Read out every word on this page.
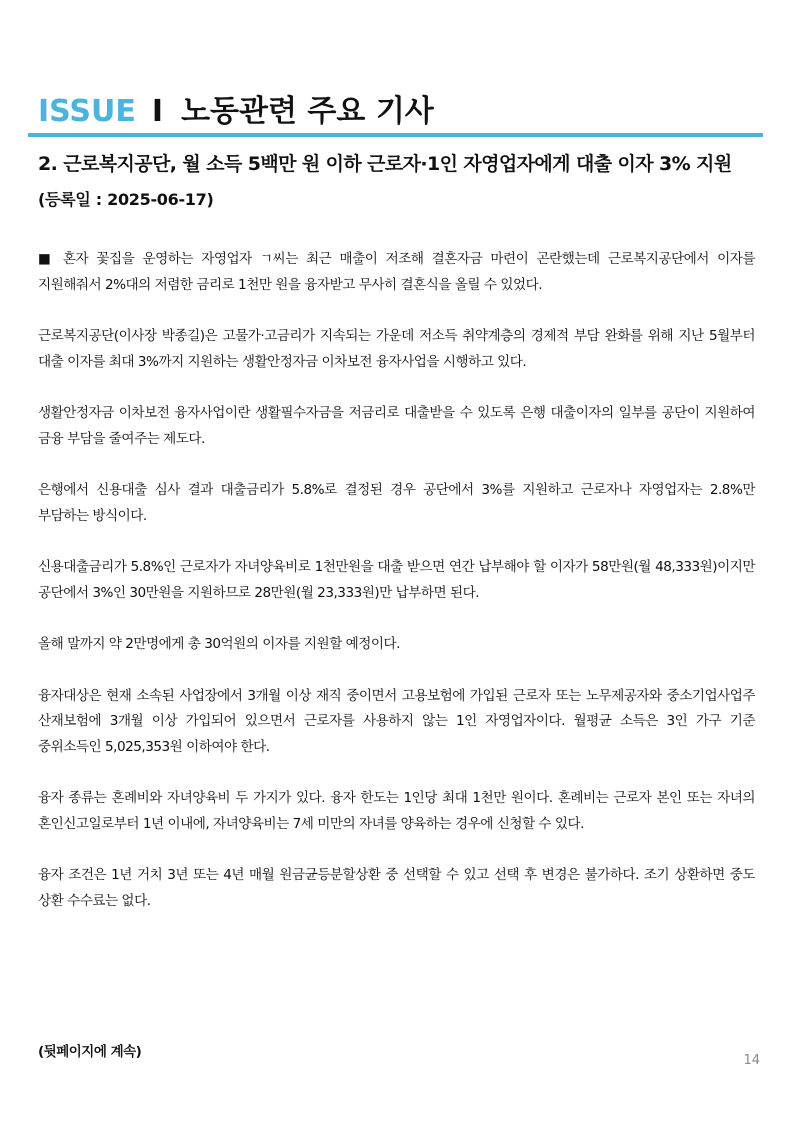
ISSUE I 노동관련 주요 기사
2. 근로복지공단, 월 소득 5백만 원 이하 근로자·1인 자영업자에게 대출 이자 3% 지원(등록일 : 2025-06-17)

■ 혼자 꽃집을 운영하는 자영업자 ㄱ씨는 최근 매출이 저조해 결혼자금 마련이 곤란했는데 근로복지공단에서 이자를 지원해줘서 2%대의 저렴한 금리로 1천만 원을 융자받고 무사히 결혼식을 올릴 수 있었다.

근로복지공단(이사장 박종길)은 고물가·고금리가 지속되는 가운데 저소득 취약계층의 경제적 부담 완화를 위해 지난 5월부터 대출 이자를 최대 3%까지 지원하는 생활안정자금 이차보전 융자사업을 시행하고 있다.

생활안정자금 이차보전 융자사업이란 생활필수자금을 저금리로 대출받을 수 있도록 은행 대출이자의 일부를 공단이 지원하여 금융 부담을 줄여주는 제도다.

은행에서 신용대출 심사 결과 대출금리가 5.8%로 결정된 경우 공단에서 3%를 지원하고 근로자나 자영업자는 2.8%만 부담하는 방식이다.

신용대출금리가 5.8%인 근로자가 자녀양육비로 1천만원을 대출 받으면 연간 납부해야 할 이자가 58만원(월 48,333원)이지만 공단에서 3%인 30만원을 지원하므로 28만원(월 23,333원)만 납부하면 된다.

올해 말까지 약 2만명에게 총 30억원의 이자를 지원할 예정이다.

융자대상은 현재 소속된 사업장에서 3개월 이상 재직 중이면서 고용보험에 가입된 근로자 또는 노무제공자와 중소기업사업주 산재보험에 3개월 이상 가입되어 있으면서 근로자를 사용하지 않는 1인 자영업자이다. 월평균 소득은 3인 가구 기준 중위소득인 5,025,353원 이하여야 한다.

융자 종류는 혼례비와 자녀양육비 두 가지가 있다. 융자 한도는 1인당 최대 1천만 원이다. 혼례비는 근로자 본인 또는 자녀의 혼인신고일로부터 1년 이내에, 자녀양육비는 7세 미만의 자녀를 양육하는 경우에 신청할 수 있다.

융자 조건은 1년 거치 3년 또는 4년 매월 원금균등분할상환 중 선택할 수 있고 선택 후 변경은 불가하다. 조기 상환하면 중도 상환 수수료는 없다.

(뒷페이지에 계속)
14
